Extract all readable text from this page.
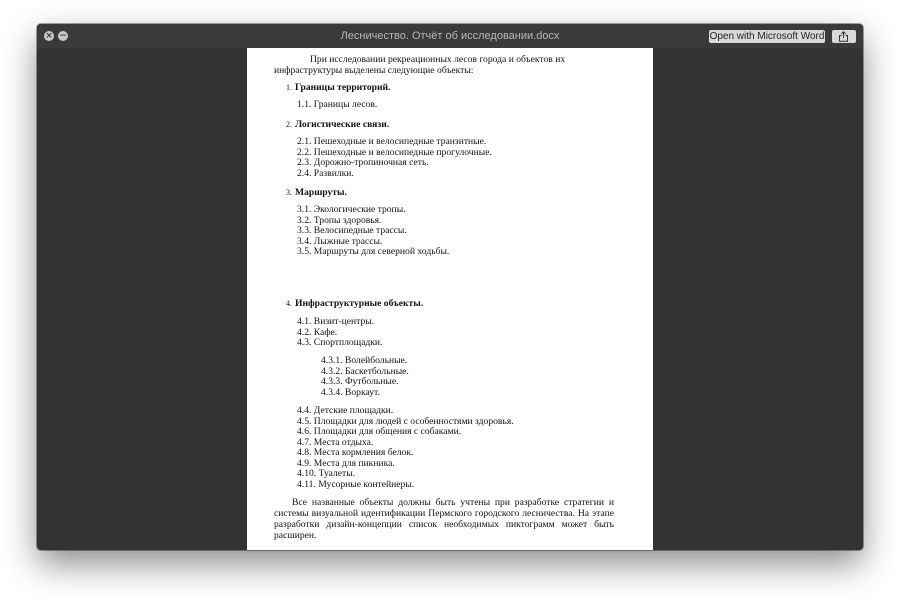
× −	Лесничество. Отчёт об исследовании.docx	Open with Microsoft Word

При исследовании рекреационных лесов города и объектов их инфраструктуры выделены следующие объекты:

1. Границы территорий.
1.1. Границы лесов.
2. Логистические связи.
2.1. Пешеходные и велосипедные транзитные.
2.2. Пешеходные и велосипедные прогулочные.
2.3. Дорожно-тропиночная сеть.
2.4. Развилки.
3. Маршруты.
3.1. Экологические тропы.
3.2. Тропы здоровья.
3.3. Велосипедные трассы.
3.4. Лыжные трассы.
3.5. Маршруты для северной ходьбы.
4. Инфраструктурные объекты.
4.1. Визит-центры.
4.2. Кафе.
4.3. Спортплощадки.
4.3.1. Волейбольные.
4.3.2. Баскетбольные.
4.3.3. Футбольные.
4.3.4. Воркаут.
4.4. Детские площадки.
4.5. Площадки для людей с особенностями здоровья.
4.6. Площадки для общения с собаками.
4.7. Места отдыха.
4.8. Места кормления белок.
4.9. Места для пикника.
4.10. Туалеты.
4.11. Мусорные контейнеры.

Все названные объекты должны быть учтены при разработке стратегии и системы визуальной идентификации Пермского городского лесничества. На этапе разработки дизайн-концепции список необходимых пиктограмм может быть расширен.
